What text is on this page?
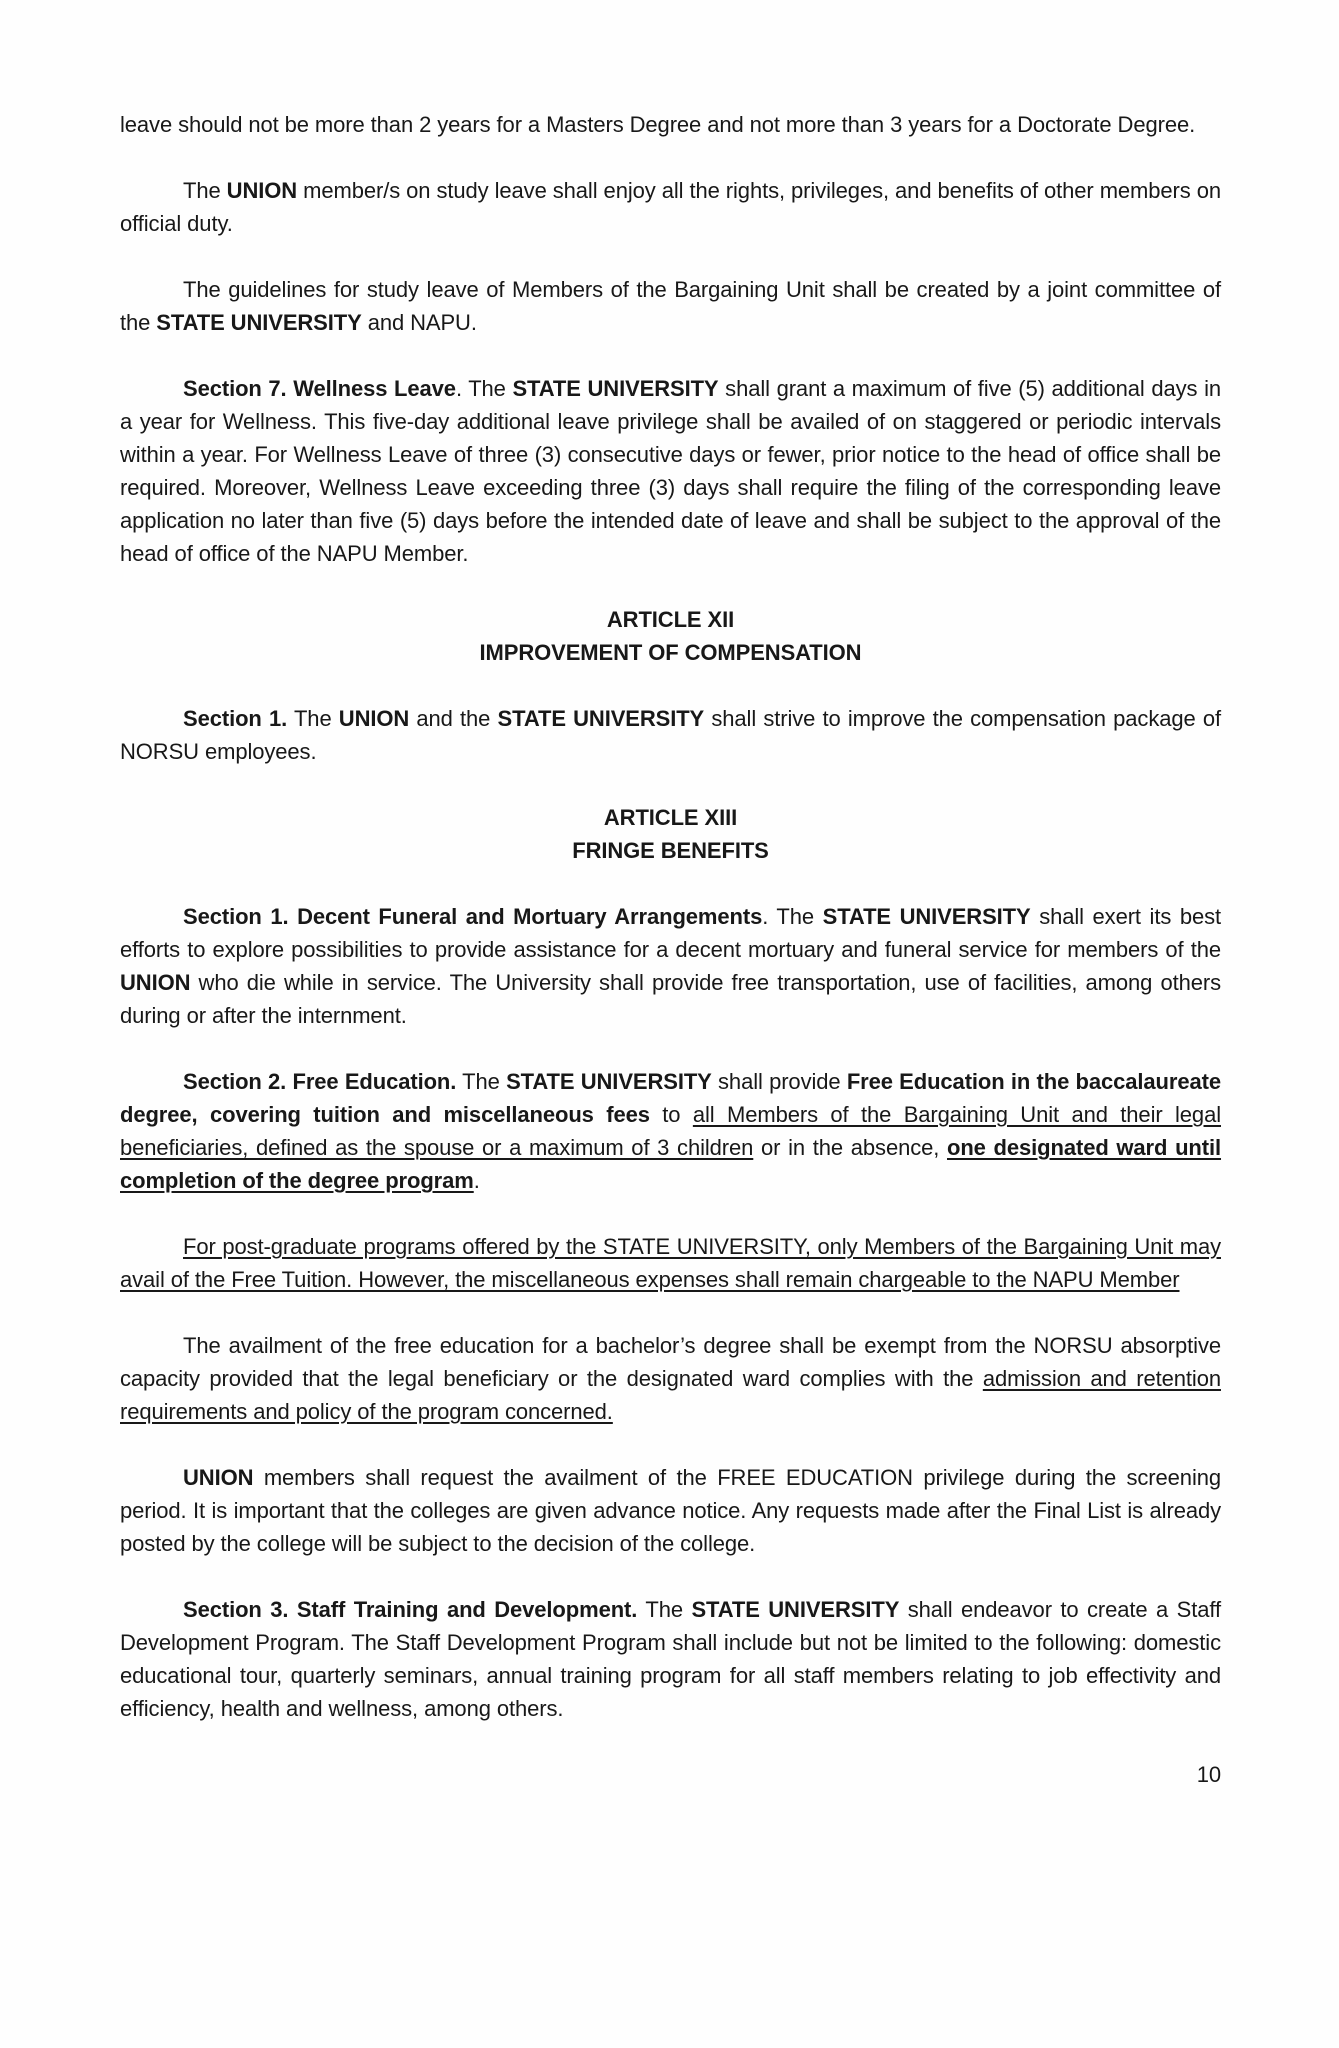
leave should not be more than 2 years for a Masters Degree and not more than 3 years for a Doctorate Degree.

The UNION member/s on study leave shall enjoy all the rights, privileges, and benefits of other members on official duty.

The guidelines for study leave of Members of the Bargaining Unit shall be created by a joint committee of the STATE UNIVERSITY and NAPU.

Section 7. Wellness Leave. The STATE UNIVERSITY shall grant a maximum of five (5) additional days in a year for Wellness. This five-day additional leave privilege shall be availed of on staggered or periodic intervals within a year. For Wellness Leave of three (3) consecutive days or fewer, prior notice to the head of office shall be required. Moreover, Wellness Leave exceeding three (3) days shall require the filing of the corresponding leave application no later than five (5) days before the intended date of leave and shall be subject to the approval of the head of office of the NAPU Member.

ARTICLE XII
IMPROVEMENT OF COMPENSATION

Section 1. The UNION and the STATE UNIVERSITY shall strive to improve the compensation package of NORSU employees.

ARTICLE XIII
FRINGE BENEFITS

Section 1. Decent Funeral and Mortuary Arrangements. The STATE UNIVERSITY shall exert its best efforts to explore possibilities to provide assistance for a decent mortuary and funeral service for members of the UNION who die while in service. The University shall provide free transportation, use of facilities, among others during or after the internment.

Section 2. Free Education. The STATE UNIVERSITY shall provide Free Education in the baccalaureate degree, covering tuition and miscellaneous fees to all Members of the Bargaining Unit and their legal beneficiaries, defined as the spouse or a maximum of 3 children or in the absence, one designated ward until completion of the degree program.

For post-graduate programs offered by the STATE UNIVERSITY, only Members of the Bargaining Unit may avail of the Free Tuition. However, the miscellaneous expenses shall remain chargeable to the NAPU Member

The availment of the free education for a bachelor’s degree shall be exempt from the NORSU absorptive capacity provided that the legal beneficiary or the designated ward complies with the admission and retention requirements and policy of the program concerned.

UNION members shall request the availment of the FREE EDUCATION privilege during the screening period. It is important that the colleges are given advance notice. Any requests made after the Final List is already posted by the college will be subject to the decision of the college.

Section 3. Staff Training and Development. The STATE UNIVERSITY shall endeavor to create a Staff Development Program. The Staff Development Program shall include but not be limited to the following: domestic educational tour, quarterly seminars, annual training program for all staff members relating to job effectivity and efficiency, health and wellness, among others.

10
